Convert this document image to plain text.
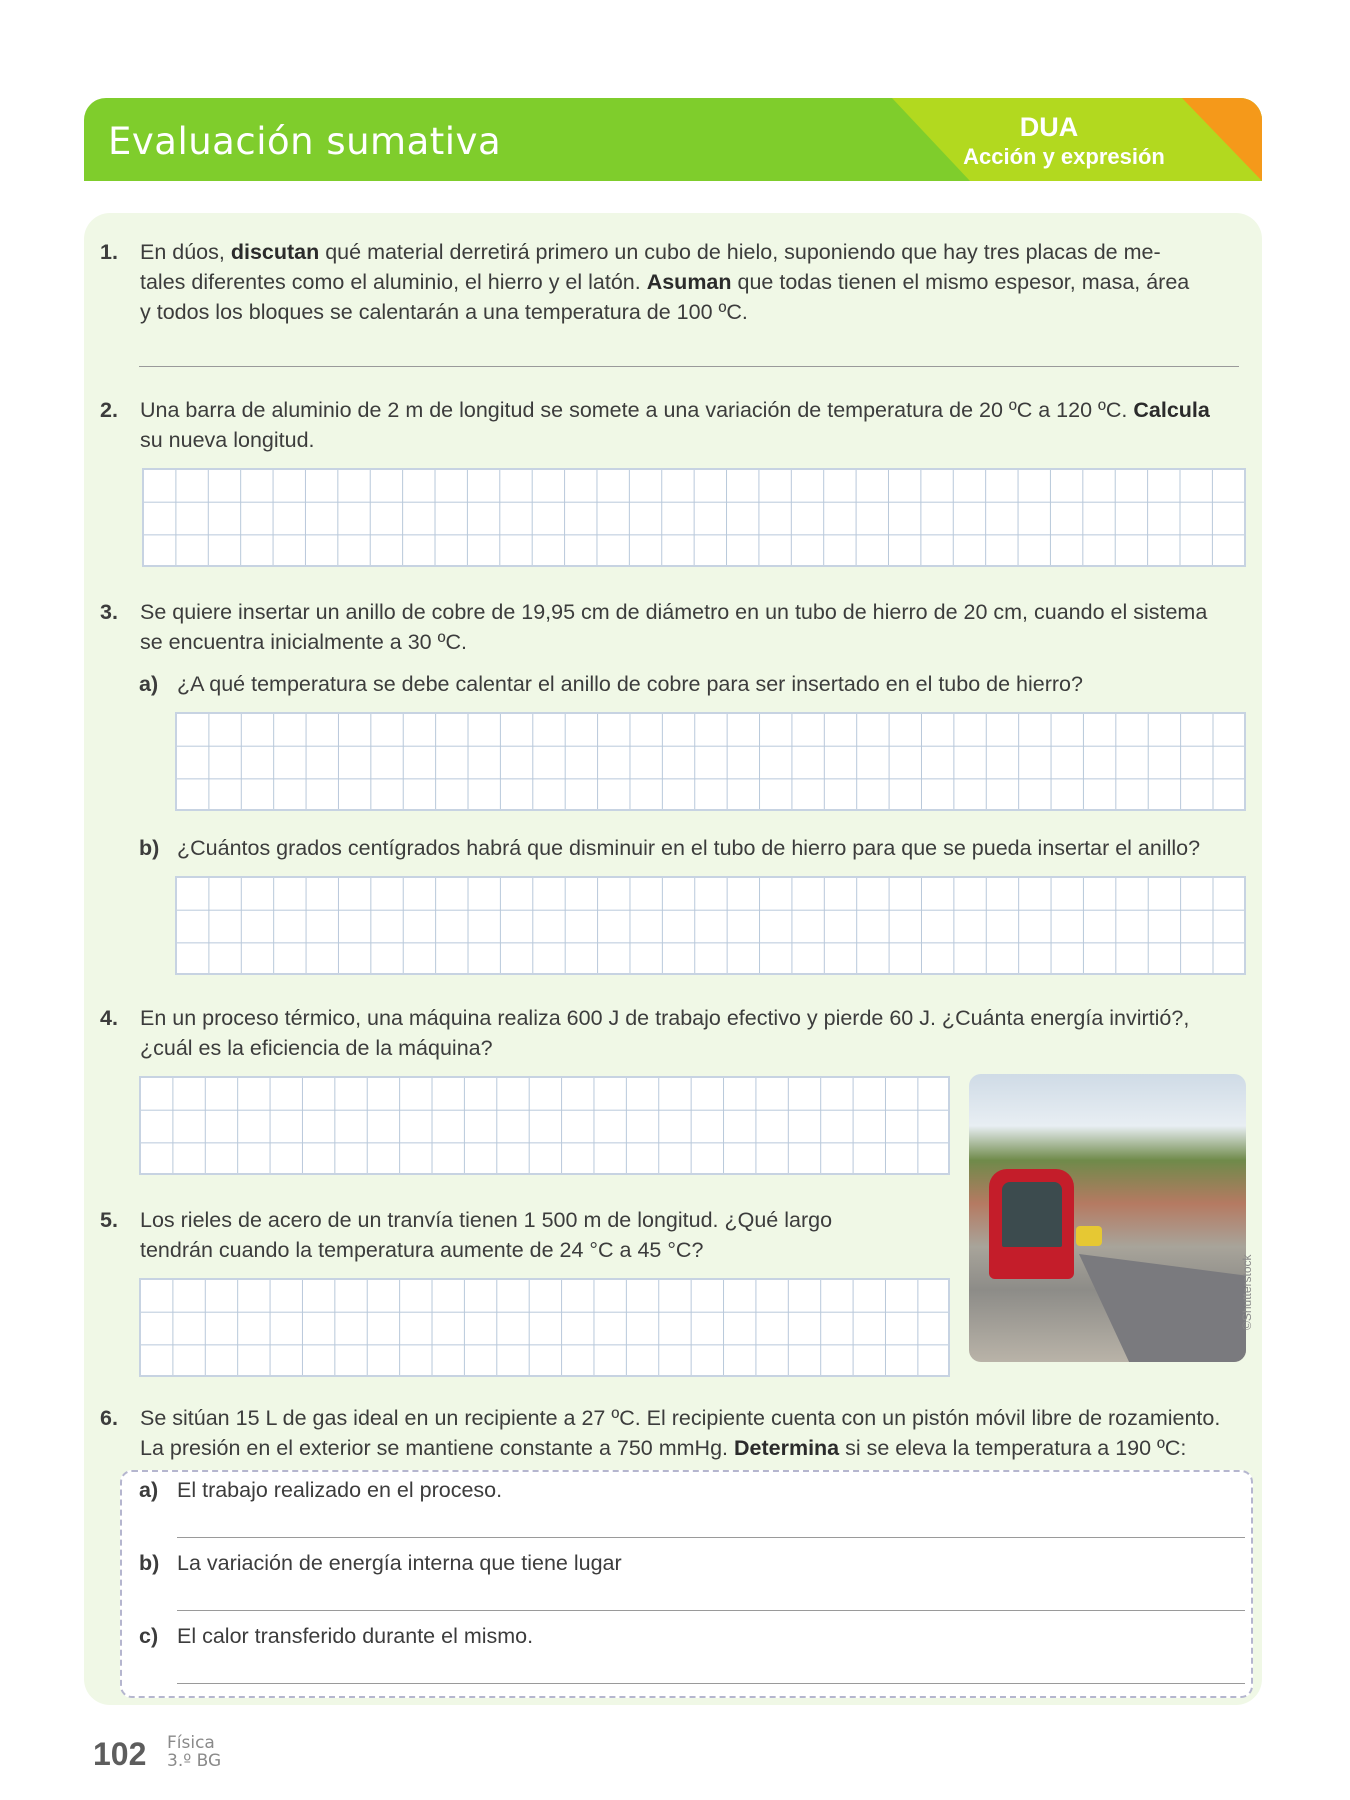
Evaluación sumativa	DUA
Acción y expresión
1.	En dúos, discutan qué material derretirá primero un cubo de hielo, suponiendo que hay tres placas de me-
tales diferentes como el aluminio, el hierro y el latón. Asuman que todas tienen el mismo espesor, masa, área
y todos los bloques se calentarán a una temperatura de 100 ºC.
2.	Una barra de aluminio de 2 m de longitud se somete a una variación de temperatura de 20 ºC a 120 ºC. Calcula
su nueva longitud.
3.	Se quiere insertar un anillo de cobre de 19,95 cm de diámetro en un tubo de hierro de 20 cm, cuando el sistema
se encuentra inicialmente a 30 ºC.
a) ¿A qué temperatura se debe calentar el anillo de cobre para ser insertado en el tubo de hierro?
b) ¿Cuántos grados centígrados habrá que disminuir en el tubo de hierro para que se pueda insertar el anillo?
4.	En un proceso térmico, una máquina realiza 600 J de trabajo efectivo y pierde 60 J. ¿Cuánta energía invirtió?,
¿cuál es la eficiencia de la máquina?
©Shutterstock
5.	Los rieles de acero de un tranvía tienen 1 500 m de longitud. ¿Qué largo
tendrán cuando la temperatura aumente de 24 °C a 45 °C?
6.	Se sitúan 15 L de gas ideal en un recipiente a 27 ºC. El recipiente cuenta con un pistón móvil libre de rozamiento.
La presión en el exterior se mantiene constante a 750 mmHg. Determina si se eleva la temperatura a 190 ºC:
a) El trabajo realizado en el proceso.
b) La variación de energía interna que tiene lugar
c) El calor transferido durante el mismo.
102 Física
3.º BG
